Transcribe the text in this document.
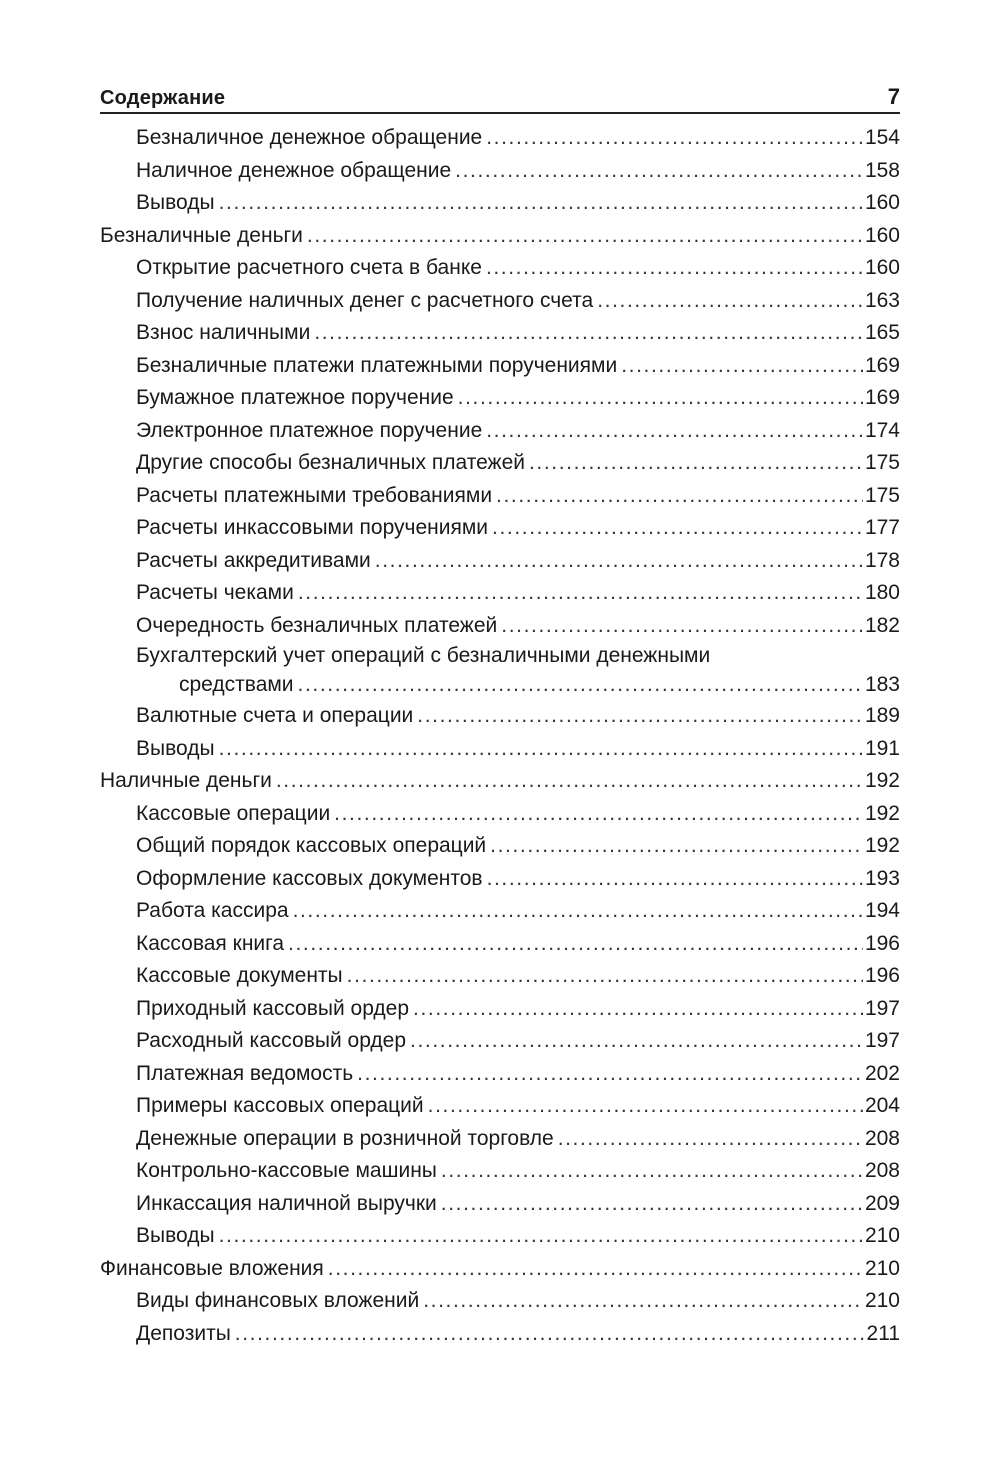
Содержание	7
Безналичное денежное обращение .....	154
Наличное денежное обращение .....	158
Выводы .....	160
Безналичные деньги .....	160
Открытие расчетного счета в банке .....	160
Получение наличных денег с расчетного счета .....	163
Взнос наличными .....	165
Безналичные платежи платежными поручениями .....	169
Бумажное платежное поручение .....	169
Электронное платежное поручение .....	174
Другие способы безналичных платежей .....	175
Расчеты платежными требованиями .....	175
Расчеты инкассовыми поручениями .....	177
Расчеты аккредитивами .....	178
Расчеты чеками .....	180
Очередность безналичных платежей .....	182
Бухгалтерский учет операций с безналичными денежными
средствами .....	183
Валютные счета и операции .....	189
Выводы .....	191
Наличные деньги .....	192
Кассовые операции .....	192
Общий порядок кассовых операций .....	192
Оформление кассовых документов .....	193
Работа кассира .....	194
Кассовая книга .....	196
Кассовые документы .....	196
Приходный кассовый ордер .....	197
Расходный кассовый ордер .....	197
Платежная ведомость .....	202
Примеры кассовых операций .....	204
Денежные операции в розничной торговле .....	208
Контрольно-кассовые машины .....	208
Инкассация наличной выручки .....	209
Выводы .....	210
Финансовые вложения .....	210
Виды финансовых вложений .....	210
Депозиты .....	211
